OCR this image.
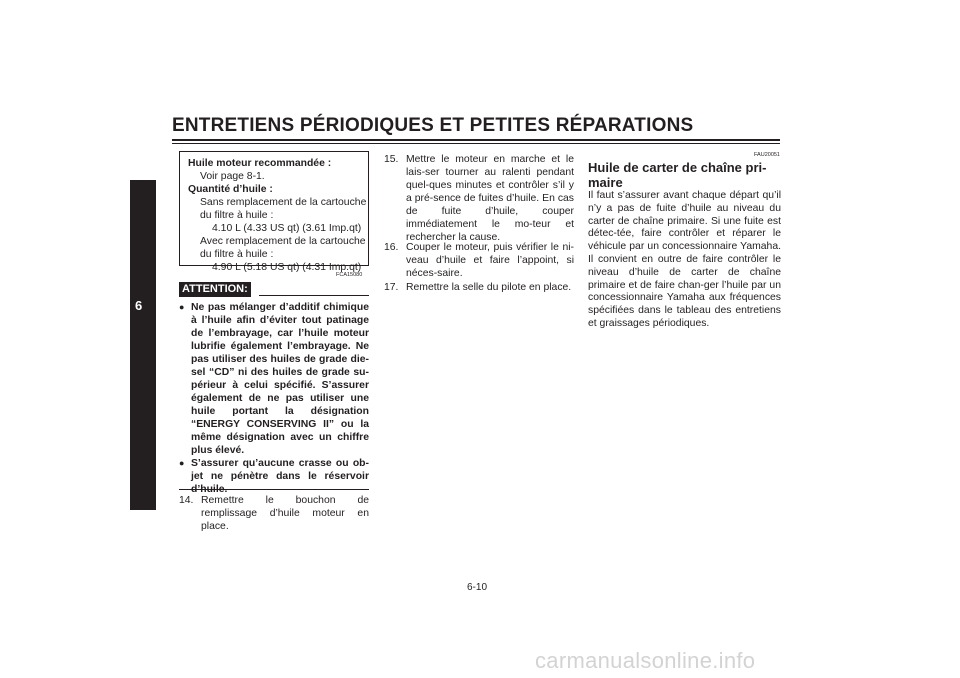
ENTRETIENS PÉRIODIQUES ET PETITES RÉPARATIONS
6
Huile moteur recommandée :
Voir page 8-1.
Quantité d’huile :
Sans remplacement de la cartouche
du filtre à huile :
4.10 L (4.33 US qt) (3.61 Imp.qt)
Avec remplacement de la cartouche
du filtre à huile :
4.90 L (5.18 US qt) (4.31 Imp.qt)
FCA15080
ATTENTION:
● Ne pas mélanger d’additif chimique à l’huile afin d’éviter tout patinage de l’embrayage, car l’huile moteur lubrifie également l’embrayage. Ne pas utiliser des huiles de grade die-sel “CD” ni des huiles de grade su-périeur à celui spécifié. S’assurer également de ne pas utiliser une huile portant la désignation “ENERGY CONSERVING II” ou la même désignation avec un chiffre plus élevé.
● S’assurer qu’aucune crasse ou ob-jet ne pénètre dans le réservoir
14. Remettre le bouchon de remplissage d’huile moteur en place.
15. Mettre le moteur en marche et le lais-ser tourner au ralenti pendant quel-ques minutes et contrôler s’il y a pré-sence de fuites d’huile. En cas de fuite d’huile, couper immédiatement le mo-teur et rechercher la cause.
16. Couper le moteur, puis vérifier le ni-veau d’huile et faire l’appoint, si néces-saire.
17. Remettre la selle du pilote en place.
FAU20051
Huile de carter de chaîne pri-maire
Il faut s’assurer avant chaque départ qu’il n’y a pas de fuite d’huile au niveau du carter de chaîne primaire. Si une fuite est détec-tée, faire contrôler et réparer le véhicule par un concessionnaire Yamaha. Il convient en outre de faire contrôler le niveau d’huile de carter de chaîne primaire et de faire chan-ger l’huile par un concessionnaire Yamaha aux fréquences spécifiées dans le tableau des entretiens et graissages périodiques.
6-10
carmanualsonline.info
